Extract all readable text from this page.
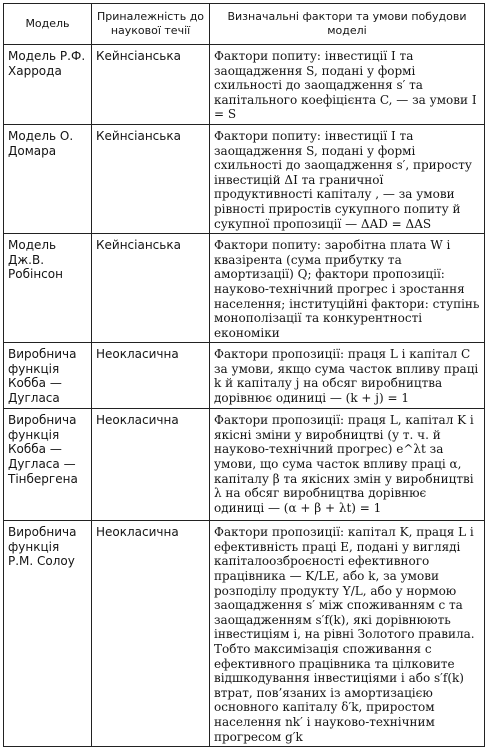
Модель	Приналежність до наукової течії	Визначальні фактори та умови побудови моделі
Модель Р.Ф. Харрода	Кейнсіанська	Фактори попиту: інвестиції I та заощадження S, подані у формі схильності до заощадження s′ та капітального коефіцієнта C, — за умови I = S
Модель О. Домара	Кейнсіанська	Фактори попиту: інвестиції I та заощадження S, подані у формі схильності до заощадження s′, приросту інвестицій ΔI та граничної продуктивності капіталу , — за умови рівності приростів сукупного попиту й сукупної пропозиції — ΔAD = ΔAS
Модель Дж.В. Робінсон	Кейнсіанська	Фактори попиту: заробітна плата W і квазірента (сума прибутку та амортизації) Q; фактори пропозиції: науково-технічний прогрес і зростання населення; інституційні фактори: ступінь монополізації та конкурентності економіки
Виробнича функція Кобба — Дугласа	Неокласична	Фактори пропозиції: праця L і капітал C за умови, якщо сума часток впливу праці k й капіталу j на обсяг виробництва дорівнює одиниці — (k + j) = 1
Виробнича функція Кобба — Дугласа — Тінбергена	Неокласична	Фактори пропозиції: праця L, капітал K і якісні зміни у виробництві (у т. ч. й науково-технічний прогрес) e^λt за умови, що сума часток впливу праці α, капіталу β та якісних змін у виробництві λ на обсяг виробництва дорівнює одиниці — (α + β + λt) = 1
Виробнича функція Р.М. Солоу	Неокласична	Фактори пропозиції: капітал K, праця L і ефективність праці E, подані у вигляді капіталоозброєності ефективного працівника — K/LE, або k, за умови розподілу продукту Y/L, або y нормою заощадження s′ між споживанням c та заощадженням s′f(k), які дорівнюють інвестиціям i, на рівні Золотого правила. Тобто максимізація споживання c ефективного працівника та цілковите відшкодування інвестиціями i або s′f(k) втрат, пов’язаних із амортизацією основного капіталу δ′k, приростом населення nk′ і науково-технічним прогресом g′k
